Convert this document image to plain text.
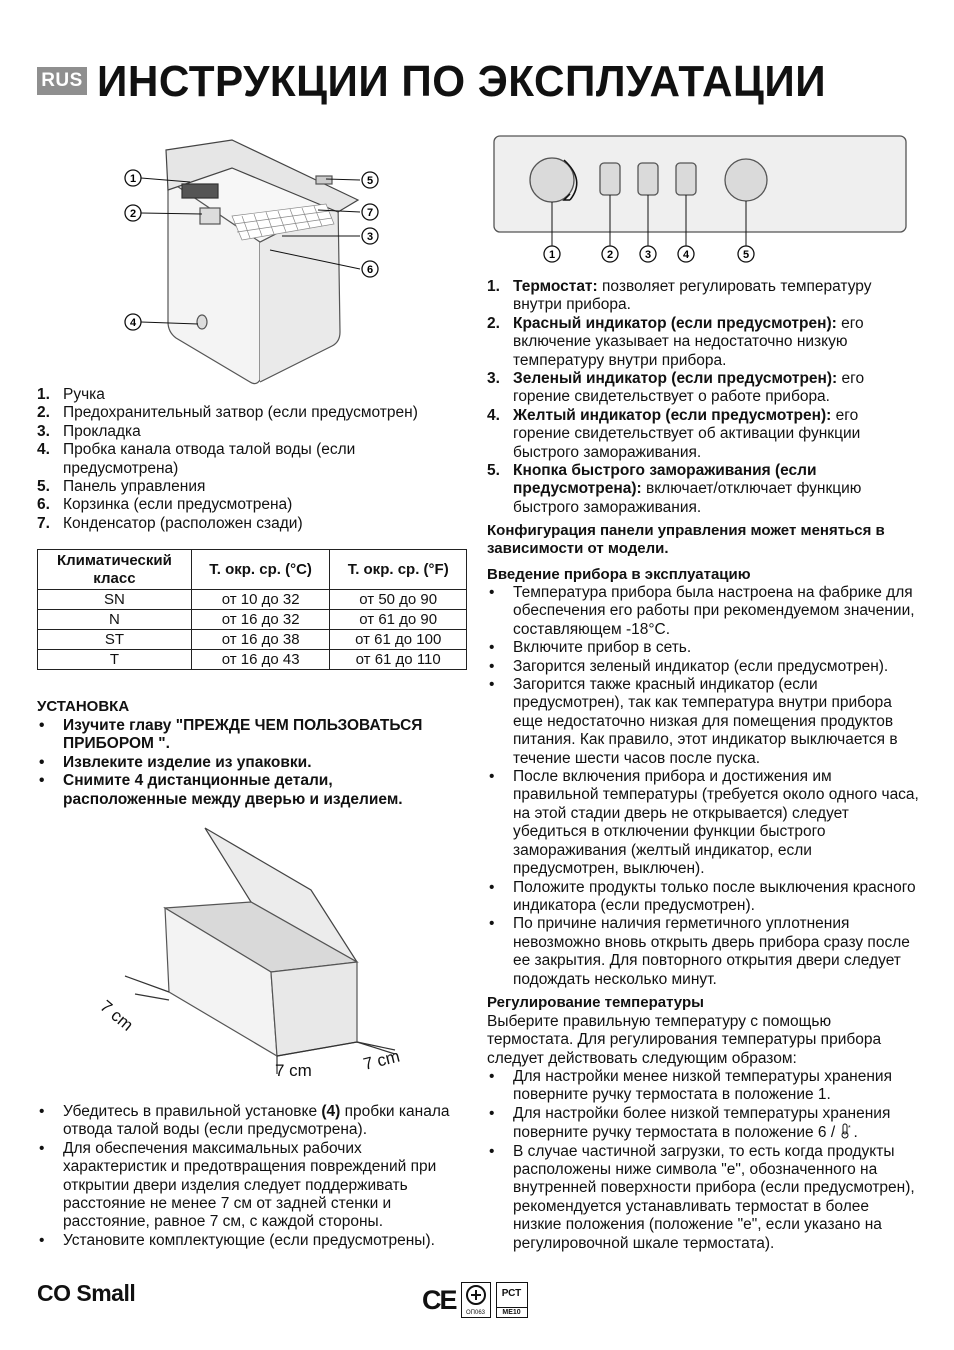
RUS ИНСТРУКЦИИ ПО ЭКСПЛУАТАЦИИ
1
2
3
4
5
6
7
1. Ручка
2. Предохранительный затвор (если предусмотрен)
3. Прокладка
4. Пробка канала отвода талой воды (если предусмотрена)
5. Панель управления
6. Корзинка (если предусмотрена)
7. Конденсатор (расположен сзади)
Климатический класс	Т. окр. ср. (°C)	Т. окр. ср. (°F)
SN	от 10 до 32	от 50 до 90
N	от 16 до 32	от 61 до 90
ST	от 16 до 38	от 61 до 100
T	от 16 до 43	от 61 до 110
УСТАНОВКА
• Изучите главу "ПРЕЖДЕ ЧЕМ ПОЛЬЗОВАТЬСЯ ПРИБОРОМ ".
• Извлеките изделие из упаковки.
• Снимите 4 дистанционные детали, расположенные между дверью и изделием.
7 cm
7 cm
7 cm
• Убедитесь в правильной установке (4) пробки канала отвода талой воды (если предусмотрена).
• Для обеспечения максимальных рабочих характеристик и предотвращения повреждений при открытии двери изделия следует поддерживать расстояние не менее 7 см от задней стенки и расстояние, равное 7 см, с каждой стороны.
• Установите комплектующие (если предусмотрены).
1	2	3	4	5
1. Термостат: позволяет регулировать температуру внутри прибора.
2. Красный индикатор (если предусмотрен): его включение указывает на недостаточно низкую температуру внутри прибора.
3. Зеленый индикатор (если предусмотрен): его горение свидетельствует о работе прибора.
4. Желтый индикатор (если предусмотрен): его горение свидетельствует об активации функции быстрого замораживания.
5. Кнопка быстрого замораживания (если предусмотрена): включает/отключает функцию быстрого замораживания.
Конфигурация панели управления может меняться в зависимости от модели.
Введение прибора в эксплуатацию
• Температура прибора была настроена на фабрике для обеспечения его работы при рекомендуемом значении, составляющем -18°C.
• Включите прибор в сеть.
• Загорится зеленый индикатор (если предусмотрен).
• Загорится также красный индикатор (если предусмотрен), так как температура внутри прибора еще недостаточно низкая для помещения продуктов питания. Как правило, этот индикатор выключается в течение шести часов после пуска.
• После включения прибора и достижения им правильной температуры (требуется около одного часа, на этой стадии дверь не открывается) следует убедиться в отключении функции быстрого замораживания (желтый индикатор, если предусмотрен, выключен).
• Положите продукты только после выключения красного индикатора (если предусмотрен).
• По причине наличия герметичного уплотнения невозможно вновь открыть дверь прибора сразу после ее закрытия. Для повторного открытия двери следует подождать несколько минут.
Регулирование температуры
Выберите правильную температуру с помощью термостата. Для регулирования температуры прибора следует действовать следующим образом:
• Для настройки менее низкой температуры хранения поверните ручку термостата в положение 1.
• Для настройки более низкой температуры хранения поверните ручку термостата в положение 6 / * .
• В случае частичной загрузки, то есть когда продукты расположены ниже символа "е", обозначенного на внутренней поверхности прибора (если предусмотрен), рекомендуется устанавливать термостат в более низкие положения (положение "е", если указано на регулировочной шкале термостата).
CO Small	CE	ОП063
РСТ
МЕ10
